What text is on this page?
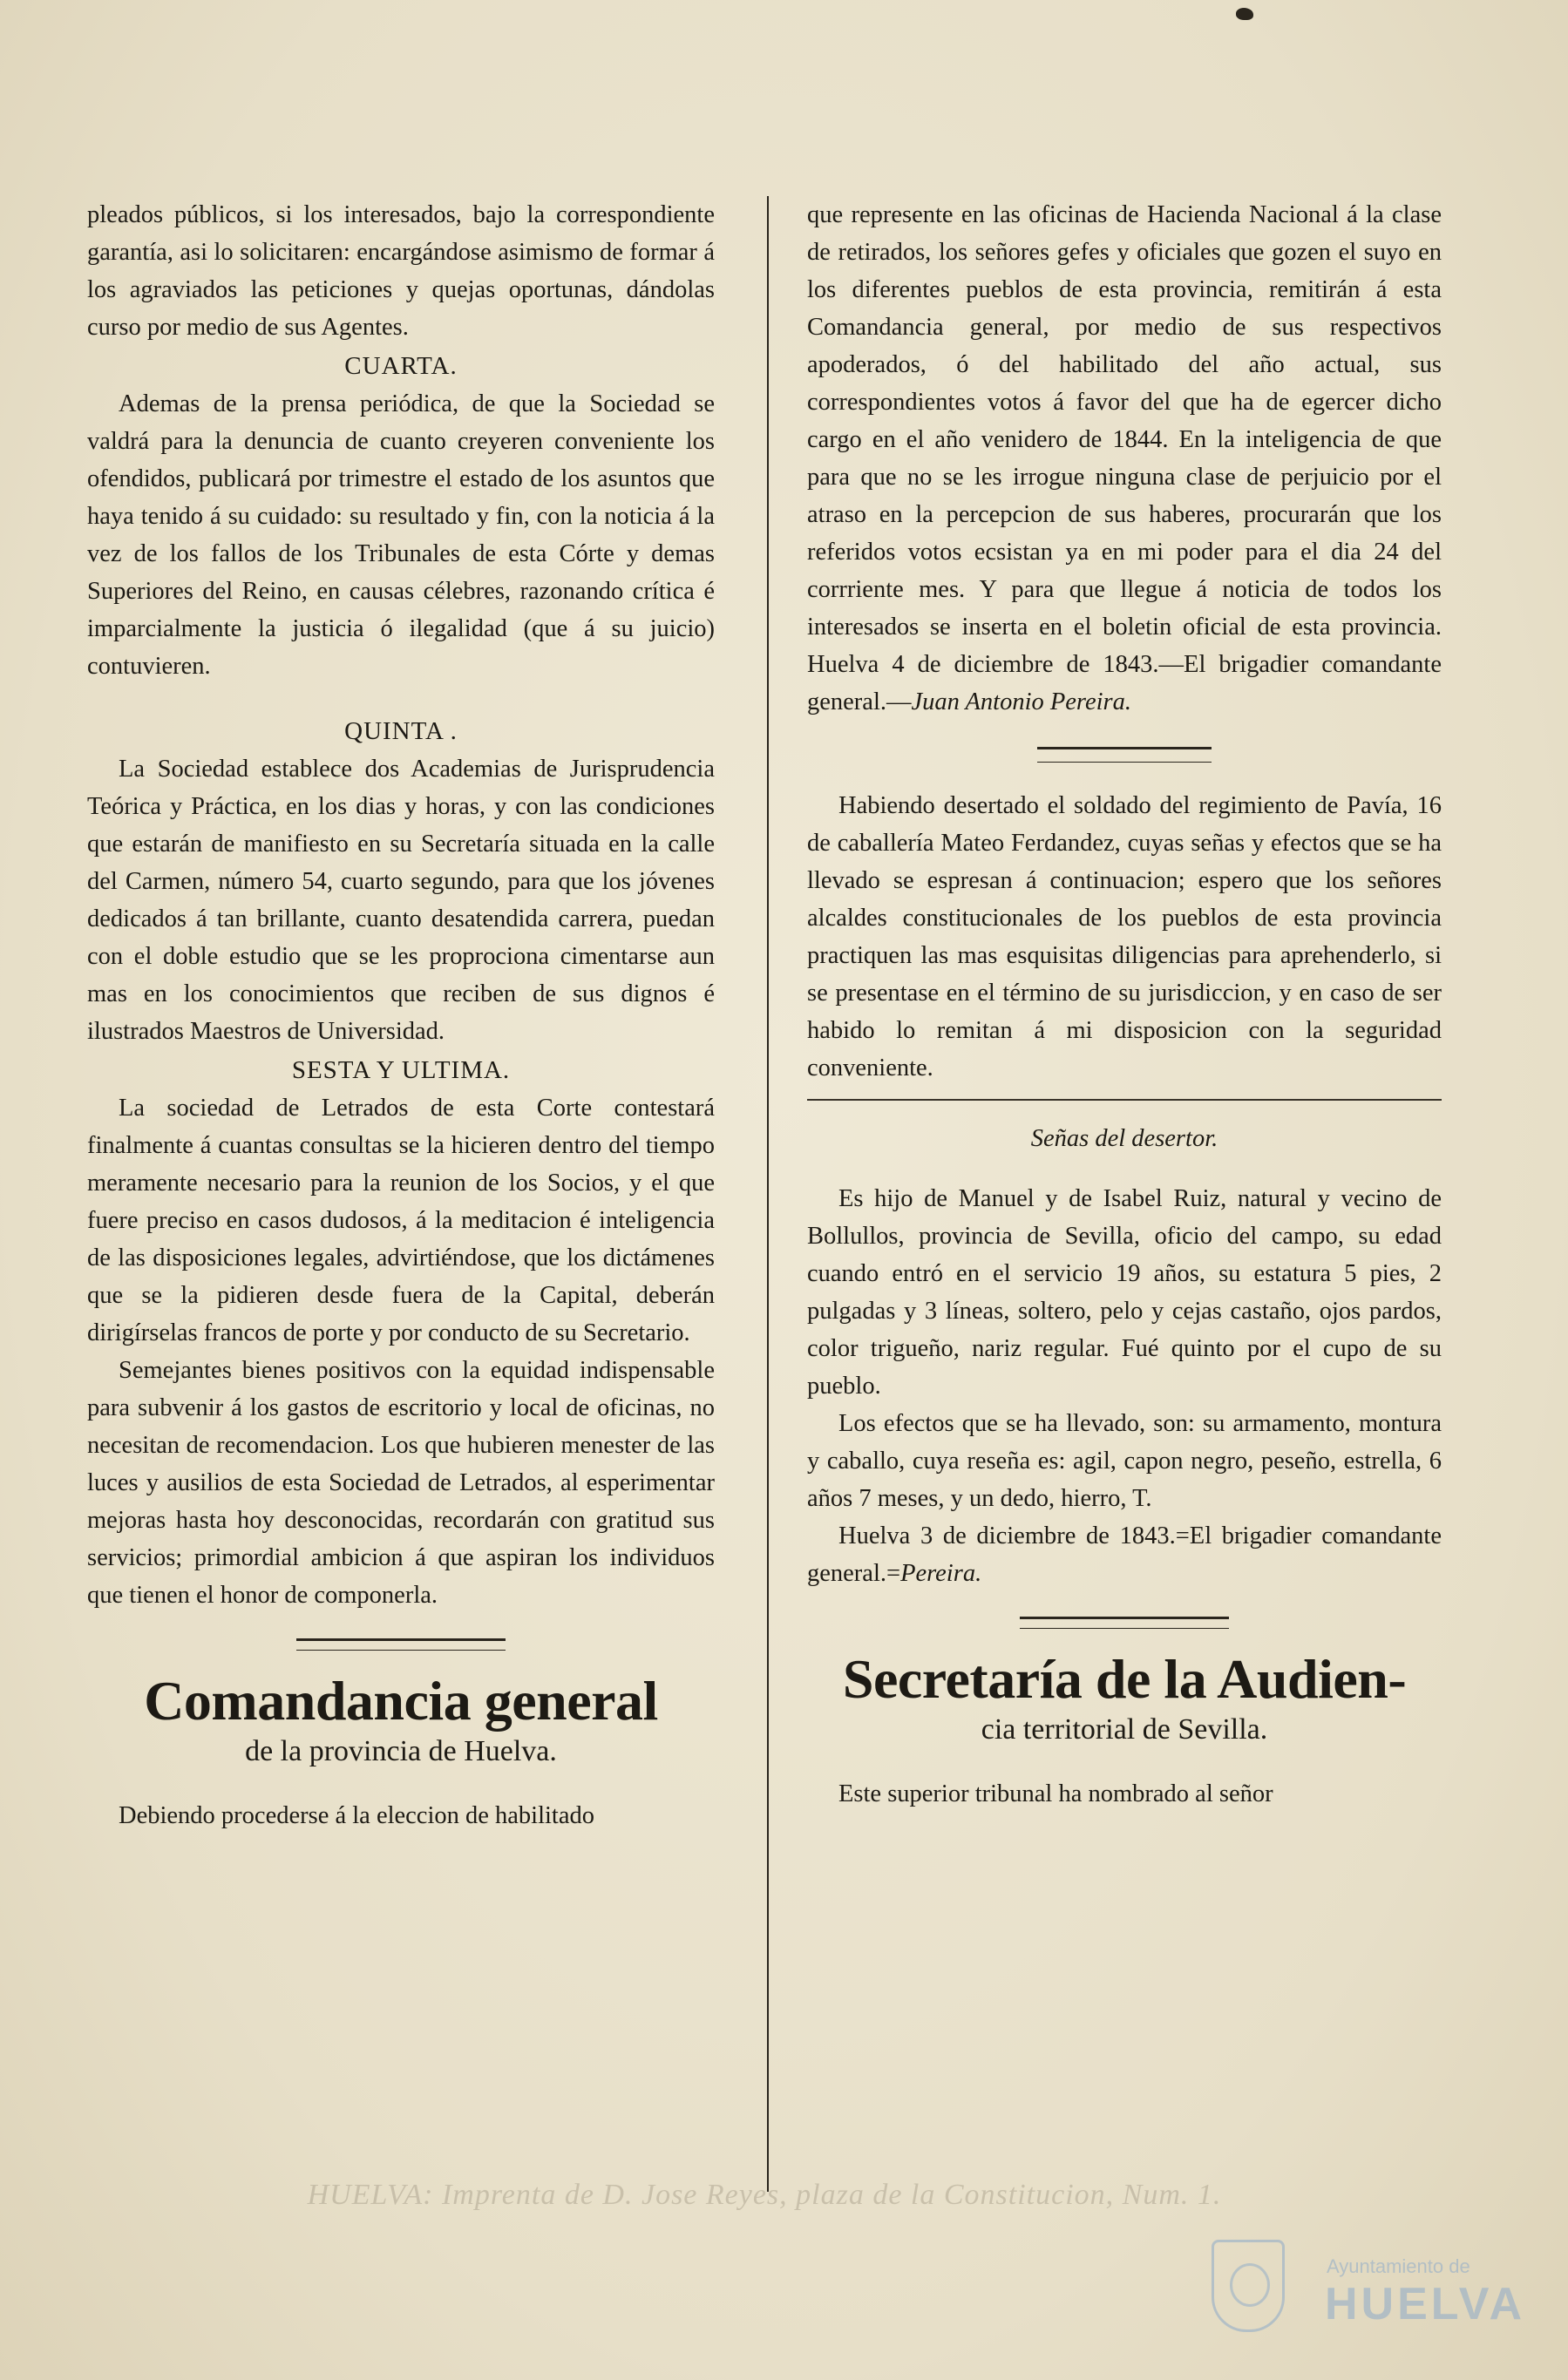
pleados públicos, si los interesados, bajo la correspondiente garantía, asi lo solicitaren: encargándose asimismo de formar á los agraviados las peticiones y quejas oportunas, dándolas curso por medio de sus Agentes.

CUARTA.

Ademas de la prensa periódica, de que la Sociedad se valdrá para la denuncia de cuanto creyeren conveniente los ofendidos, publicará por trimestre el estado de los asuntos que haya tenido á su cuidado: su resultado y fin, con la noticia á la vez de los fallos de los Tribunales de esta Córte y demas Superiores del Reino, en causas célebres, razonando crítica é imparcialmente la justicia ó ilegalidad (que á su juicio) contuvieren.

QUINTA .

La Sociedad establece dos Academias de Jurisprudencia Teórica y Práctica, en los dias y horas, y con las condiciones que estarán de manifiesto en su Secretaría situada en la calle del Carmen, número 54, cuarto segundo, para que los jóvenes dedicados á tan brillante, cuanto desatendida carrera, puedan con el doble estudio que se les proprociona cimentarse aun mas en los conocimientos que reciben de sus dignos é ilustrados Maestros de Universidad.

SESTA Y ULTIMA.

La sociedad de Letrados de esta Corte contestará finalmente á cuantas consultas se la hicieren dentro del tiempo meramente necesario para la reunion de los Socios, y el que fuere preciso en casos dudosos, á la meditacion é inteligencia de las disposiciones legales, advirtiéndose, que los dictámenes que se la pidieren desde fuera de la Capital, deberán dirigírselas francos de porte y por conducto de su Secretario.

Semejantes bienes positivos con la equidad indispensable para subvenir á los gastos de escritorio y local de oficinas, no necesitan de recomendacion. Los que hubieren menester de las luces y ausilios de esta Sociedad de Letrados, al esperimentar mejoras hasta hoy desconocidas, recordarán con gratitud sus servicios; primordial ambicion á que aspiran los individuos que tienen el honor de componerla.

Comandancia general
de la provincia de Huelva.

Debiendo procederse á la eleccion de habilitado

que represente en las oficinas de Hacienda Nacional á la clase de retirados, los señores gefes y oficiales que gozen el suyo en los diferentes pueblos de esta provincia, remitirán á esta Comandancia general, por medio de sus respectivos apoderados, ó del habilitado del año actual, sus correspondientes votos á favor del que ha de egercer dicho cargo en el año venidero de 1844. En la inteligencia de que para que no se les irrogue ninguna clase de perjuicio por el atraso en la percepcion de sus haberes, procurarán que los referidos votos ecsistan ya en mi poder para el dia 24 del corrriente mes. Y para que llegue á noticia de todos los interesados se inserta en el boletin oficial de esta provincia. Huelva 4 de diciembre de 1843.—El brigadier comandante general.—Juan Antonio Pereira.

Habiendo desertado el soldado del regimiento de Pavía, 16 de caballería Mateo Ferdandez, cuyas señas y efectos que se ha llevado se espresan á continuacion; espero que los señores alcaldes constitucionales de los pueblos de esta provincia practiquen las mas esquisitas diligencias para aprehenderlo, si se presentase en el término de su jurisdiccion, y en caso de ser habido lo remitan á mi disposicion con la seguridad conveniente.

Señas del desertor.

Es hijo de Manuel y de Isabel Ruiz, natural y vecino de Bollullos, provincia de Sevilla, oficio del campo, su edad cuando entró en el servicio 19 años, su estatura 5 pies, 2 pulgadas y 3 líneas, soltero, pelo y cejas castaño, ojos pardos, color trigueño, nariz regular. Fué quinto por el cupo de su pueblo.

Los efectos que se ha llevado, son: su armamento, montura y caballo, cuya reseña es: agil, capon negro, peseño, estrella, 6 años 7 meses, y un dedo, hierro, T.

Huelva 3 de diciembre de 1843.=El brigadier comandante general.=Pereira.

Secretaría de la Audien-
cia territorial de Sevilla.

Este superior tribunal ha nombrado al señor

HUELVA: Imprenta de D. Jose Reyes, plaza de la Constitucion, Num. 1.
Ayuntamiento de
HUELVA
